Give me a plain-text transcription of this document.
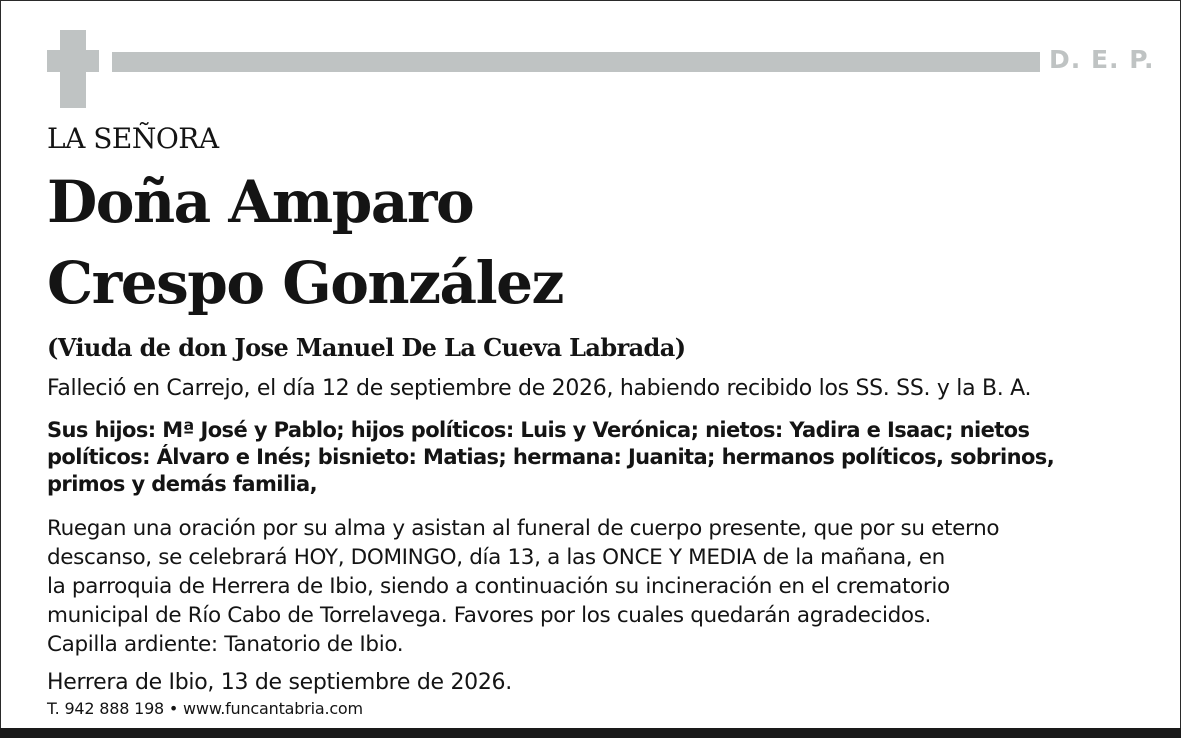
D. E. P.
LA SEÑORA
Doña Amparo
Crespo González
(Viuda de don Jose Manuel De La Cueva Labrada)
Falleció en Carrejo, el día 12 de septiembre de 2026, habiendo recibido los SS. SS. y la B. A.
Sus hijos: Mª José y Pablo; hijos políticos: Luis y Verónica; nietos: Yadira e Isaac; nietos
políticos: Álvaro e Inés; bisnieto: Matias; hermana: Juanita; hermanos políticos, sobrinos,
primos y demás familia,
Ruegan una oración por su alma y asistan al funeral de cuerpo presente, que por su eterno
descanso, se celebrará HOY, DOMINGO, día 13, a las ONCE Y MEDIA de la mañana, en
la parroquia de Herrera de Ibio, siendo a continuación su incineración en el crematorio
municipal de Río Cabo de Torrelavega. Favores por los cuales quedarán agradecidos.
Capilla ardiente: Tanatorio de Ibio.
Herrera de Ibio, 13 de septiembre de 2026.
T. 942 888 198 • www.funcantabria.com
